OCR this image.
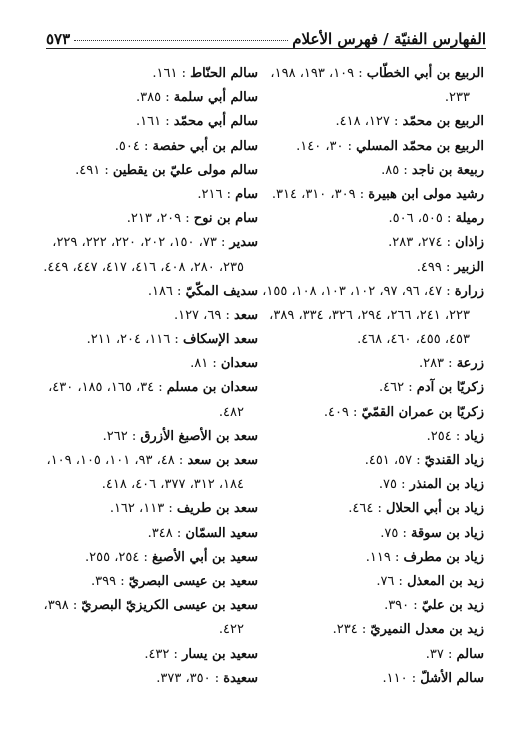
الفهارس الفنيّة / فهرس الأعلام
٥٧٣
الربيع بن أبي الخطّاب : ١٠٩، ١٩٣، ١٩٨،
٢٣٣.
الربيع بن محمّد : ١٢٧، ٤١٨.
الربيع بن محمّد المسلي : ٣٠، ١٤٠.
ربيعة بن ناجد : ٨٥.
رشيد مولى ابن هبيرة : ٣٠٩، ٣١٠، ٣١٤.
رميلة : ٥٠٥، ٥٠٦.
زاذان : ٢٧٤، ٢٨٣.
الزبير : ٤٩٩.
زرارة : ٤٧، ٩٦، ٩٧، ١٠٢، ١٠٣، ١٠٨، ١٥٥،
٢٢٣، ٢٤١، ٢٦٦، ٢٩٤، ٣٢٦، ٣٣٤، ٣٨٩،
٤٥٣، ٤٥٥، ٤٦٠، ٤٦٨.
زرعة : ٢٨٣.
زكريّا بن آدم : ٤٦٢.
زكريّا بن عمران القمّيّ : ٤٠٩.
زياد : ٢٥٤.
زياد القنديّ : ٥٧، ٤٥١.
زياد بن المنذر : ٧٥.
زياد بن أبي الحلال : ٤٦٤.
زياد بن سوقة : ٧٥.
زياد بن مطرف : ١١٩.
زيد بن المعذل : ٧٦.
زيد بن عليّ : ٣٩٠.
زيد بن معدل النميريّ : ٢٣٤.
سالم : ٣٧.
سالم الأشلّ : ١١٠.
سالم الحنّاط : ١٦١.
سالم أبي سلمة : ٣٨٥.
سالم أبي محمّد : ١٦١.
سالم بن أبي حفصة : ٥٠٤.
سالم مولى عليّ بن يقطين : ٤٩١.
سام : ٢١٦.
سام بن نوح : ٢٠٩، ٢١٣.
سدير : ٧٣، ١٥٠، ٢٠٢، ٢٢٠، ٢٢٢، ٢٢٩،
٢٣٥، ٢٨٠، ٤٠٨، ٤١٦، ٤١٧، ٤٤٧، ٤٤٩.
سديف المكّيّ : ١٨٦.
سعد : ٦٩، ١٢٧.
سعد الإسكاف : ١١٦، ٢٠٤، ٢١١.
سعدان : ٨١.
سعدان بن مسلم : ٣٤، ١٦٥، ١٨٥، ٤٣٠،
٤٨٢.
سعد بن الأصبغ الأزرق : ٢٦٢.
سعد بن سعد : ٤٨، ٩٣، ١٠١، ١٠٥، ١٠٩،
١٨٤، ٣١٢، ٣٧٧، ٤٠٦، ٤١٨.
سعد بن طريف : ١١٣، ١٦٢.
سعيد السمّان : ٣٤٨.
سعيد بن أبي الأصبغ : ٢٥٤، ٢٥٥.
سعيد بن عيسى البصريّ : ٣٩٩.
سعيد بن عيسى الكريزيّ البصريّ : ٣٩٨،
٤٢٢.
سعيد بن يسار : ٤٣٢.
سعيدة : ٣٥٠، ٣٧٣.
